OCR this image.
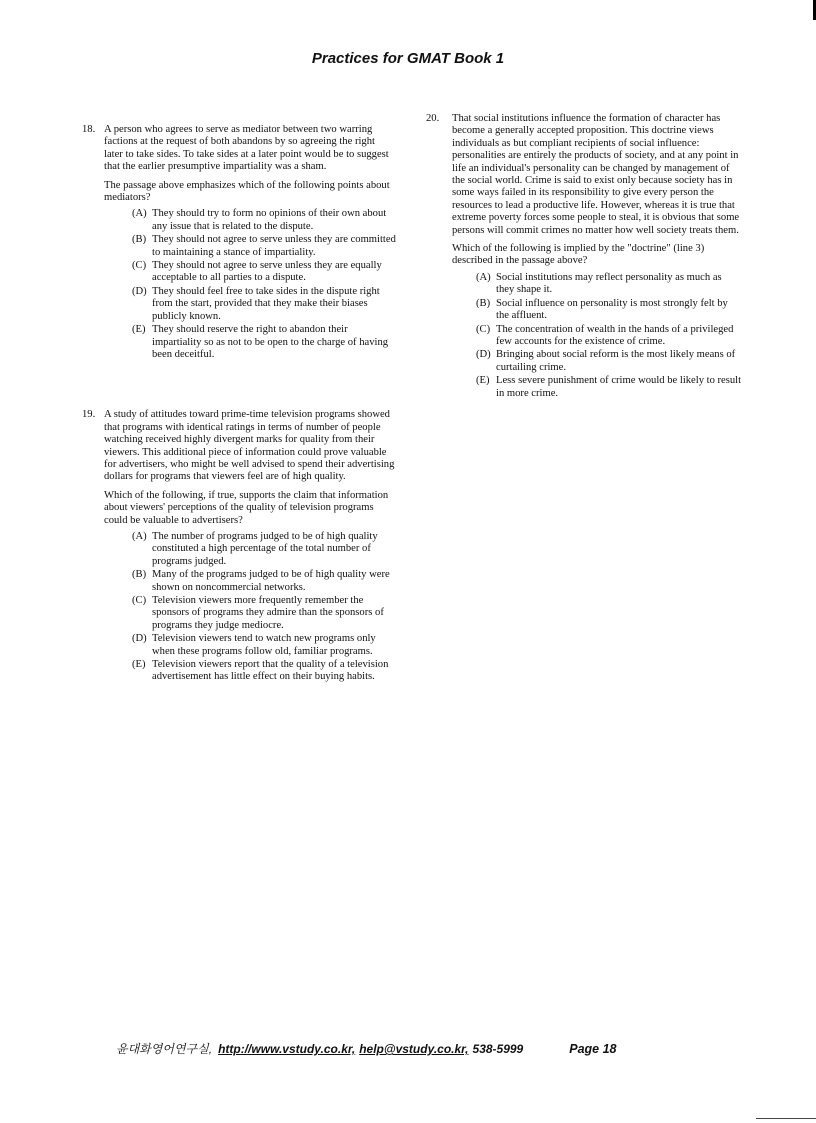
Practices for GMAT Book 1
18. A person who agrees to serve as mediator between two warring factions at the request of both abandons by so agreeing the right later to take sides. To take sides at a later point would be to suggest that the earlier presumptive impartiality was a sham.

The passage above emphasizes which of the following points about mediators?

(A) They should try to form no opinions of their own about any issue that is related to the dispute.
(B) They should not agree to serve unless they are committed to maintaining a stance of impartiality.
(C) They should not agree to serve unless they are equally acceptable to all parties to a dispute.
(D) They should feel free to take sides in the dispute right from the start, provided that they make their biases publicly known.
(E) They should reserve the right to abandon their impartiality so as not to be open to the charge of having been deceitful.
19. A study of attitudes toward prime-time television programs showed that programs with identical ratings in terms of number of people watching received highly divergent marks for quality from their viewers. This additional piece of information could prove valuable for advertisers, who might be well advised to spend their advertising dollars for programs that viewers feel are of high quality.

Which of the following, if true, supports the claim that information about viewers' perceptions of the quality of television programs could be valuable to advertisers?

(A) The number of programs judged to be of high quality constituted a high percentage of the total number of programs judged.
(B) Many of the programs judged to be of high quality were shown on noncommercial networks.
(C) Television viewers more frequently remember the sponsors of programs they admire than the sponsors of programs they judge mediocre.
(D) Television viewers tend to watch new programs only when these programs follow old, familiar programs.
(E) Television viewers report that the quality of a television advertisement has little effect on their buying habits.
20. That social institutions influence the formation of character has become a generally accepted proposition. This doctrine views individuals as but compliant recipients of social influence: personalities are entirely the products of society, and at any point in life an individual's personality can be changed by management of the social world. Crime is said to exist only because society has in some ways failed in its responsibility to give every person the resources to lead a productive life. However, whereas it is true that extreme poverty forces some people to steal, it is obvious that some persons will commit crimes no matter how well society treats them.

Which of the following is implied by the "doctrine" (line 3) described in the passage above?

(A) Social institutions may reflect personality as much as they shape it.
(B) Social influence on personality is most strongly felt by the affluent.
(C) The concentration of wealth in the hands of a privileged few accounts for the existence of crime.
(D) Bringing about social reform is the most likely means of curtailing crime.
(E) Less severe punishment of crime would be likely to result in more crime.
윤대화영어연구실, http://www.vstudy.co.kr, help@vstudy.co.kr, 538-5999	Page 18
